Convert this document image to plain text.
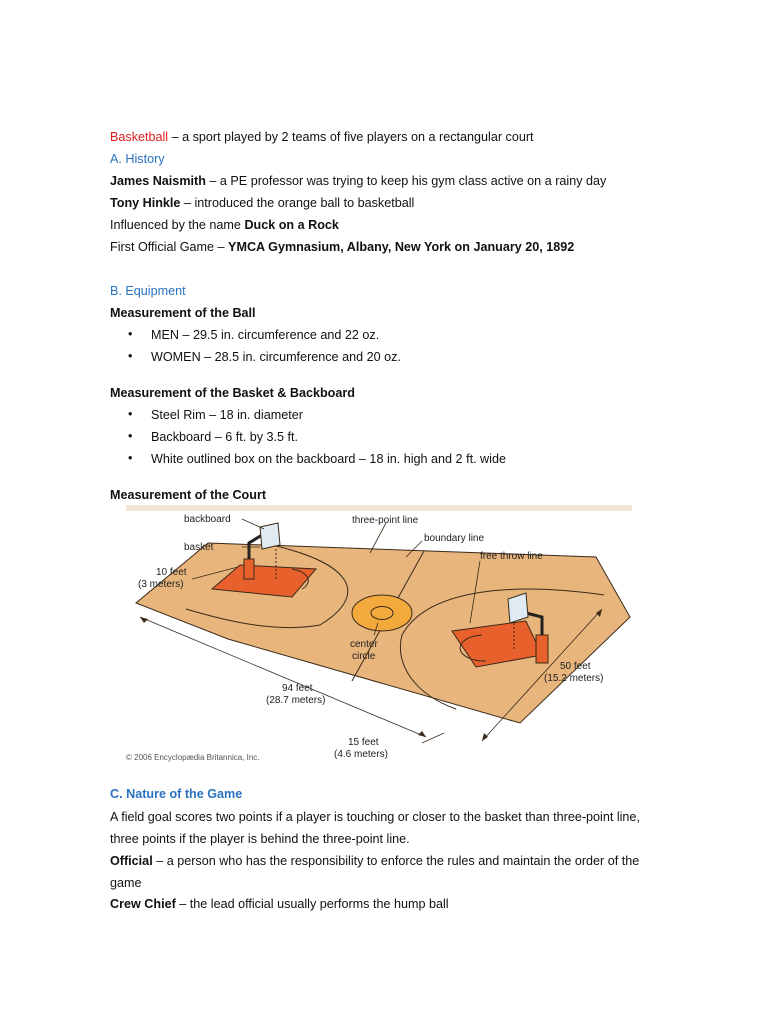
Basketball – a sport played by 2 teams of five players on a rectangular court
A. History
James Naismith – a PE professor was trying to keep his gym class active on a rainy day
Tony Hinkle – introduced the orange ball to basketball
Influenced by the name Duck on a Rock
First Official Game – YMCA Gymnasium, Albany, New York on January 20, 1892
B. Equipment
Measurement of the Ball
• MEN – 29.5 in. circumference and 22 oz.
• WOMEN – 28.5 in. circumference and 20 oz.
Measurement of the Basket & Backboard
• Steel Rim – 18 in. diameter
• Backboard – 6 ft. by 3.5 ft.
• White outlined box on the backboard – 18 in. high and 2 ft. wide
Measurement of the Court
backboard
basket
three-point line
boundary line
free throw line
10 feet
(3 meters)
center
circle
50 feet
(15.2 meters)
94 feet
(28.7 meters)
15 feet
(4.6 meters)
© 2006 Encyclopædia Britannica, Inc.
C. Nature of the Game
A field goal scores two points if a player is touching or closer to the basket than three-point line, three points if the player is behind the three-point line.
Official – a person who has the responsibility to enforce the rules and maintain the order of the game
Crew Chief – the lead official usually performs the hump ball
